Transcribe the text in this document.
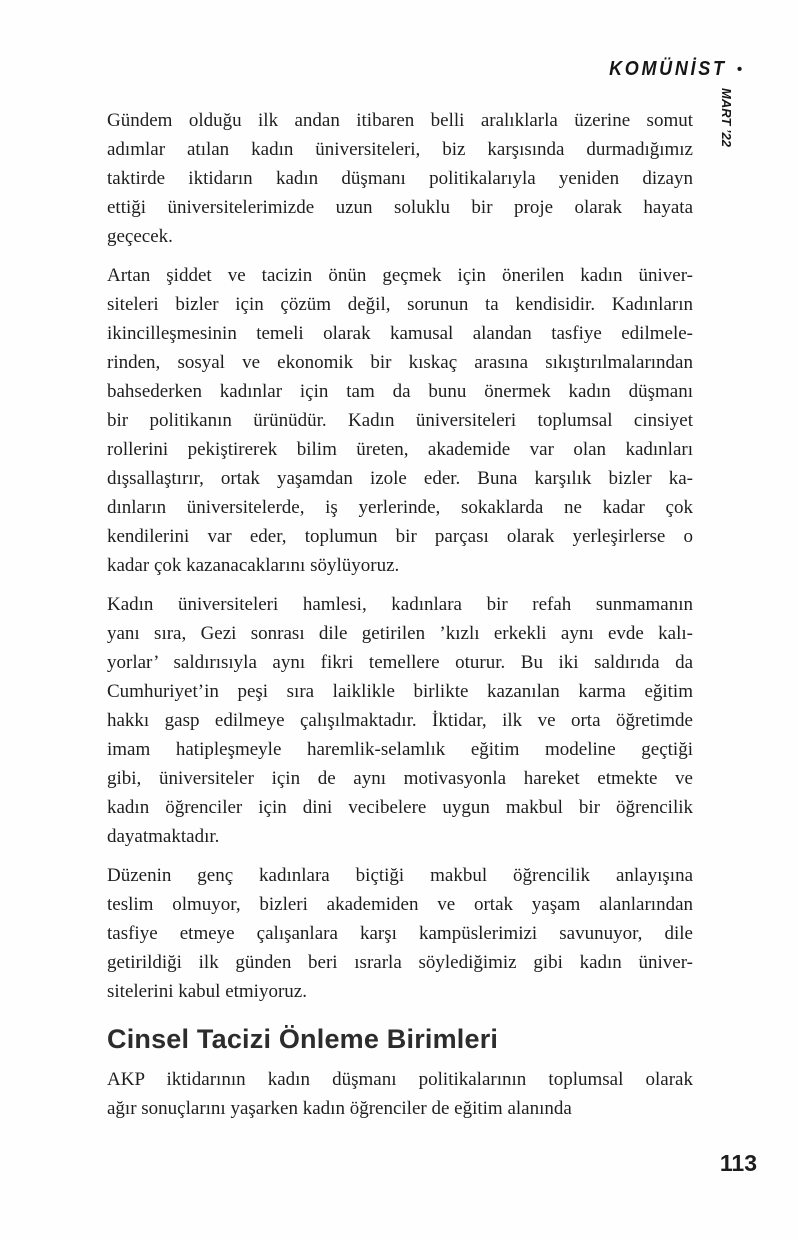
KOMÜNİST •
MART ’22
Gündem olduğu ilk andan itibaren belli aralıklarla üzerine somut
adımlar atılan kadın üniversiteleri, biz karşısında durmadığımız
taktirde iktidarın kadın düşmanı politikalarıyla yeniden dizayn
ettiği üniversitelerimizde uzun soluklu bir proje olarak hayata
geçecek.
Artan şiddet ve tacizin önün geçmek için önerilen kadın üniver-
siteleri bizler için çözüm değil, sorunun ta kendisidir. Kadınların
ikincilleşmesinin temeli olarak kamusal alandan tasfiye edilmele-
rinden, sosyal ve ekonomik bir kıskaç arasına sıkıştırılmalarından
bahsederken kadınlar için tam da bunu önermek kadın düşmanı
bir politikanın ürünüdür. Kadın üniversiteleri toplumsal cinsiyet
rollerini pekiştirerek bilim üreten, akademide var olan kadınları
dışsallaştırır, ortak yaşamdan izole eder. Buna karşılık bizler ka-
dınların üniversitelerde, iş yerlerinde, sokaklarda ne kadar çok
kendilerini var eder, toplumun bir parçası olarak yerleşirlerse o
kadar çok kazanacaklarını söylüyoruz.
Kadın üniversiteleri hamlesi, kadınlara bir refah sunmamanın
yanı sıra, Gezi sonrası dile getirilen ’kızlı erkekli aynı evde kalı-
yorlar’ saldırısıyla aynı fikri temellere oturur. Bu iki saldırıda da
Cumhuriyet’in peşi sıra laiklikle birlikte kazanılan karma eğitim
hakkı gasp edilmeye çalışılmaktadır. İktidar, ilk ve orta öğretimde
imam hatipleşmeyle haremlik-selamlık eğitim modeline geçtiği
gibi, üniversiteler için de aynı motivasyonla hareket etmekte ve
kadın öğrenciler için dini vecibelere uygun makbul bir öğrencilik
dayatmaktadır.
Düzenin genç kadınlara biçtiği makbul öğrencilik anlayışına
teslim olmuyor, bizleri akademiden ve ortak yaşam alanlarından
tasfiye etmeye çalışanlara karşı kampüslerimizi savunuyor, dile
getirildiği ilk günden beri ısrarla söylediğimiz gibi kadın üniver-
sitelerini kabul etmiyoruz.
Cinsel Tacizi Önleme Birimleri
AKP iktidarının kadın düşmanı politikalarının toplumsal olarak
ağır sonuçlarını yaşarken kadın öğrenciler de eğitim alanında
113
